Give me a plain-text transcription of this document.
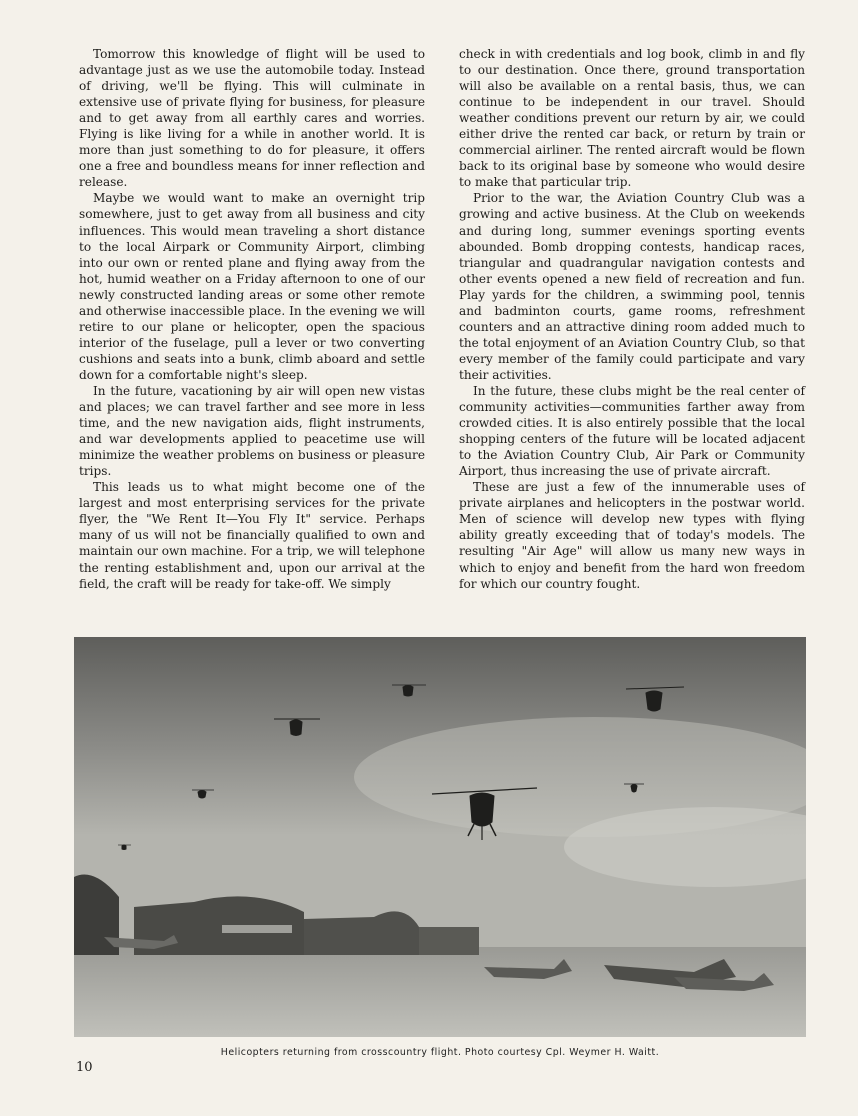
Tomorrow this knowledge of flight will be used to advantage just as we use the automobile today. Instead of driving, we'll be flying. This will culminate in extensive use of private flying for business, for pleasure and to get away from all earthly cares and worries. Flying is like living for a while in another world. It is more than just something to do for pleasure, it offers one a free and boundless means for inner reflection and release.

Maybe we would want to make an overnight trip somewhere, just to get away from all business and city influences. This would mean traveling a short distance to the local Airpark or Community Airport, climbing into our own or rented plane and flying away from the hot, humid weather on a Friday afternoon to one of our newly constructed landing areas or some other remote and otherwise inaccessible place. In the evening we will retire to our plane or helicopter, open the spacious interior of the fuselage, pull a lever or two converting cushions and seats into a bunk, climb aboard and settle down for a comfortable night's sleep.

In the future, vacationing by air will open new vistas and places; we can travel farther and see more in less time, and the new navigation aids, flight instruments, and war developments applied to peacetime use will minimize the weather problems on business or pleasure trips.

This leads us to what might become one of the largest and most enterprising services for the private flyer, the "We Rent It—You Fly It" service. Perhaps many of us will not be financially qualified to own and maintain our own machine. For a trip, we will telephone the renting establishment and, upon our arrival at the field, the craft will be ready for take-off. We simply

check in with credentials and log book, climb in and fly to our destination. Once there, ground transportation will also be available on a rental basis, thus, we can continue to be independent in our travel. Should weather conditions prevent our return by air, we could either drive the rented car back, or return by train or commercial airliner. The rented aircraft would be flown back to its original base by someone who would desire to make that particular trip.

Prior to the war, the Aviation Country Club was a growing and active business. At the Club on weekends and during long, summer evenings sporting events abounded. Bomb dropping contests, handicap races, triangular and quadrangular navigation contests and other events opened a new field of recreation and fun. Play yards for the children, a swimming pool, tennis and badminton courts, game rooms, refreshment counters and an attractive dining room added much to the total enjoyment of an Aviation Country Club, so that every member of the family could participate and vary their activities.

In the future, these clubs might be the real center of community activities—communities farther away from crowded cities. It is also entirely possible that the local shopping centers of the future will be located adjacent to the Aviation Country Club, Air Park or Community Airport, thus increasing the use of private aircraft.

These are just a few of the innumerable uses of private airplanes and helicopters in the postwar world. Men of science will develop new types with flying ability greatly exceeding that of today's models. The resulting "Air Age" will allow us many new ways in which to enjoy and benefit from the hard won freedom for which our country fought.

Helicopters returning from crosscountry flight. Photo courtesy Cpl. Weymer H. Waitt.
10
